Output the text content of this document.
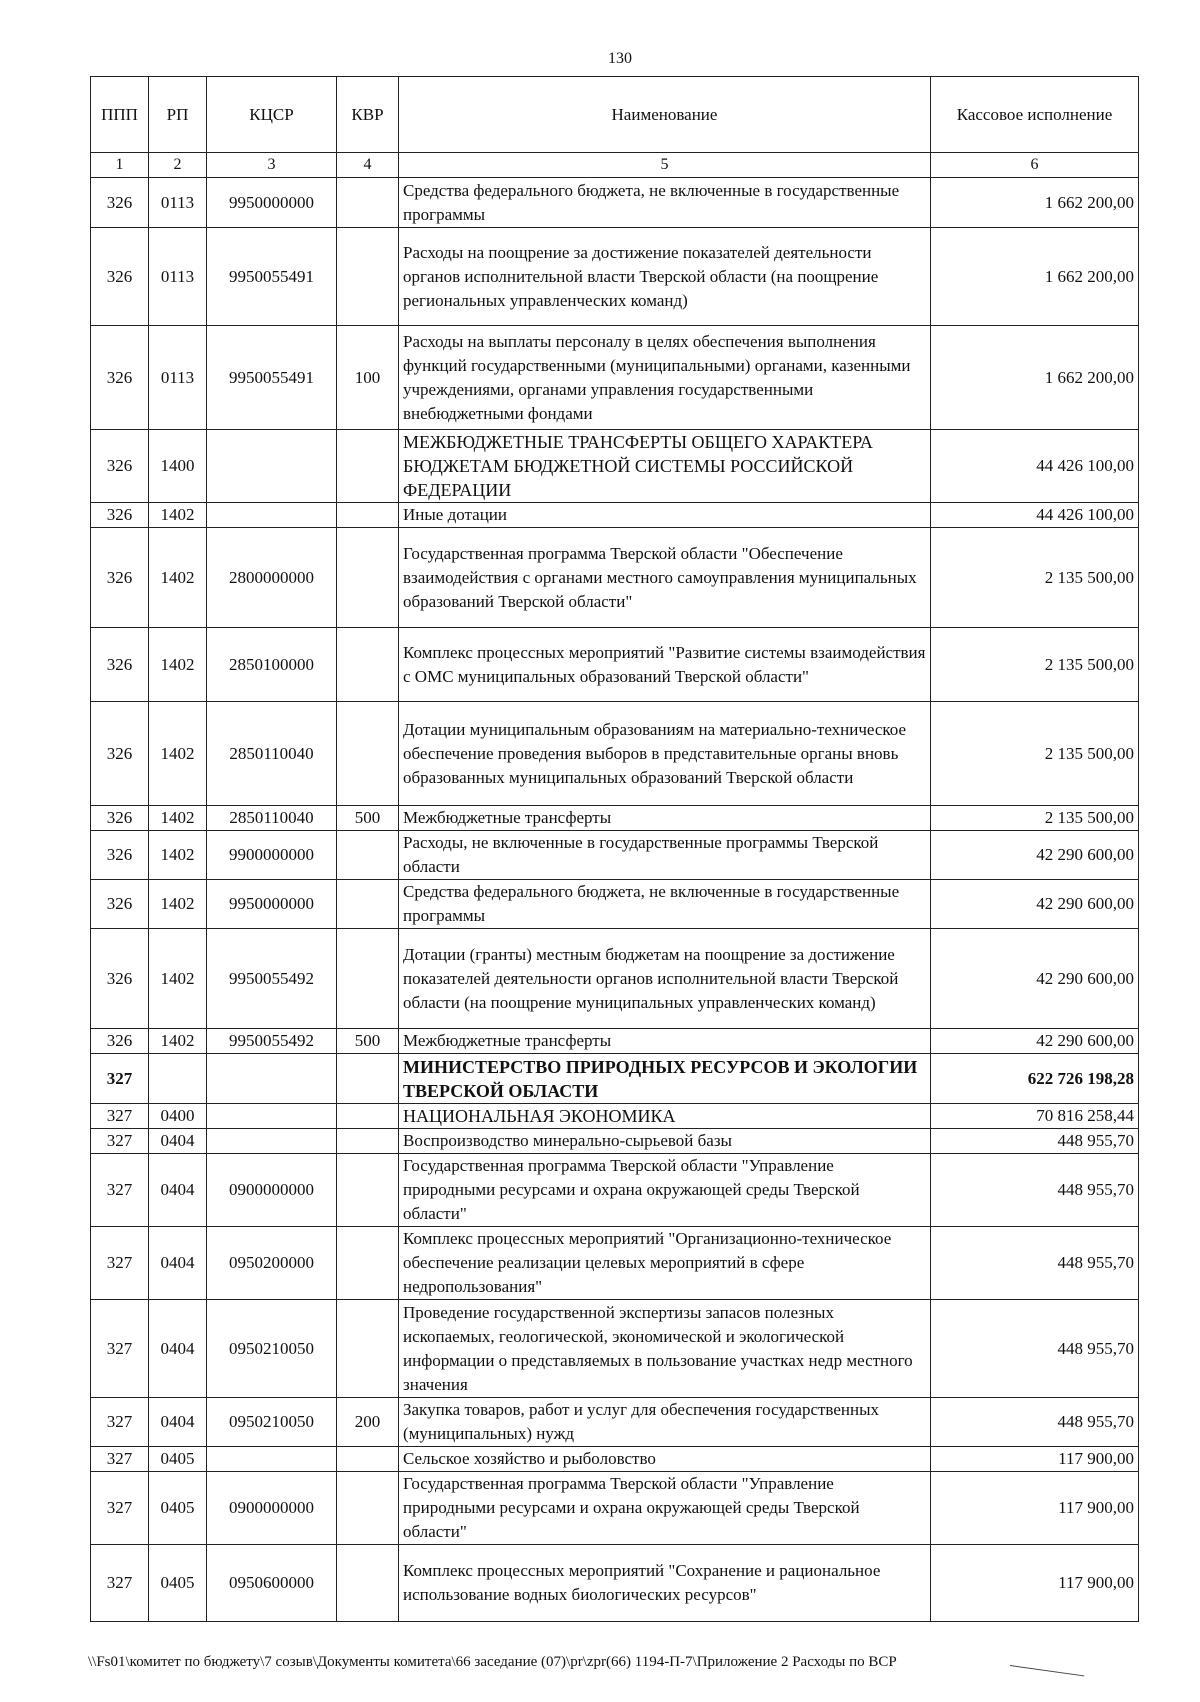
130
ППП	РП	КЦСР	КВР	Наименование	Кассовое исполнение
1	2	3	4	5	6
326	0113	9950000000		Средства федерального бюджета, не включенные в государственные программы	1 662 200,00
326	0113	9950055491		Расходы на поощрение за достижение показателей деятельности органов исполнительной власти Тверской области (на поощрение региональных управленческих команд)	1 662 200,00
326	0113	9950055491	100	Расходы на выплаты персоналу в целях обеспечения выполнения функций государственными (муниципальными) органами, казенными учреждениями, органами управления государственными внебюджетными фондами	1 662 200,00
326	1400			МЕЖБЮДЖЕТНЫЕ ТРАНСФЕРТЫ ОБЩЕГО ХАРАКТЕРА БЮДЖЕТАМ БЮДЖЕТНОЙ СИСТЕМЫ РОССИЙСКОЙ ФЕДЕРАЦИИ	44 426 100,00
326	1402			Иные дотации	44 426 100,00
326	1402	2800000000		Государственная программа Тверской области "Обеспечение взаимодействия с органами местного самоуправления муниципальных образований Тверской области"	2 135 500,00
326	1402	2850100000		Комплекс процессных мероприятий "Развитие системы взаимодействия с ОМС муниципальных образований Тверской области"	2 135 500,00
326	1402	2850110040		Дотации муниципальным образованиям на материально-техническое обеспечение проведения выборов в представительные органы вновь образованных муниципальных образований Тверской области	2 135 500,00
326	1402	2850110040	500	Межбюджетные трансферты	2 135 500,00
326	1402	9900000000		Расходы, не включенные в государственные программы Тверской области	42 290 600,00
326	1402	9950000000		Средства федерального бюджета, не включенные в государственные программы	42 290 600,00
326	1402	9950055492		Дотации (гранты) местным бюджетам на поощрение за достижение показателей деятельности органов исполнительной власти Тверской области (на поощрение муниципальных управленческих команд)	42 290 600,00
326	1402	9950055492	500	Межбюджетные трансферты	42 290 600,00
327				МИНИСТЕРСТВО ПРИРОДНЫХ РЕСУРСОВ И ЭКОЛОГИИ ТВЕРСКОЙ ОБЛАСТИ	622 726 198,28
327	0400			НАЦИОНАЛЬНАЯ ЭКОНОМИКА	70 816 258,44
327	0404			Воспроизводство минерально-сырьевой базы	448 955,70
327	0404	0900000000		Государственная программа Тверской области "Управление природными ресурсами и охрана окружающей среды Тверской области"	448 955,70
327	0404	0950200000		Комплекс процессных мероприятий "Организационно-техническое обеспечение реализации целевых мероприятий в сфере недропользования"	448 955,70
327	0404	0950210050		Проведение государственной экспертизы запасов полезных ископаемых, геологической, экономической и экологической информации о представляемых в пользование участках недр местного значения	448 955,70
327	0404	0950210050	200	Закупка товаров, работ и услуг для обеспечения государственных (муниципальных) нужд	448 955,70
327	0405			Сельское хозяйство и рыболовство	117 900,00
327	0405	0900000000		Государственная программа Тверской области "Управление природными ресурсами и охрана окружающей среды Тверской области"	117 900,00
327	0405	0950600000		Комплекс процессных мероприятий "Сохранение и рациональное использование водных биологических ресурсов"	117 900,00
\\Fs01\комитет по бюджету\7 созыв\Документы комитета\66 заседание (07)\pr\zpr(66) 1194-П-7\Приложение 2 Расходы по ВСР
